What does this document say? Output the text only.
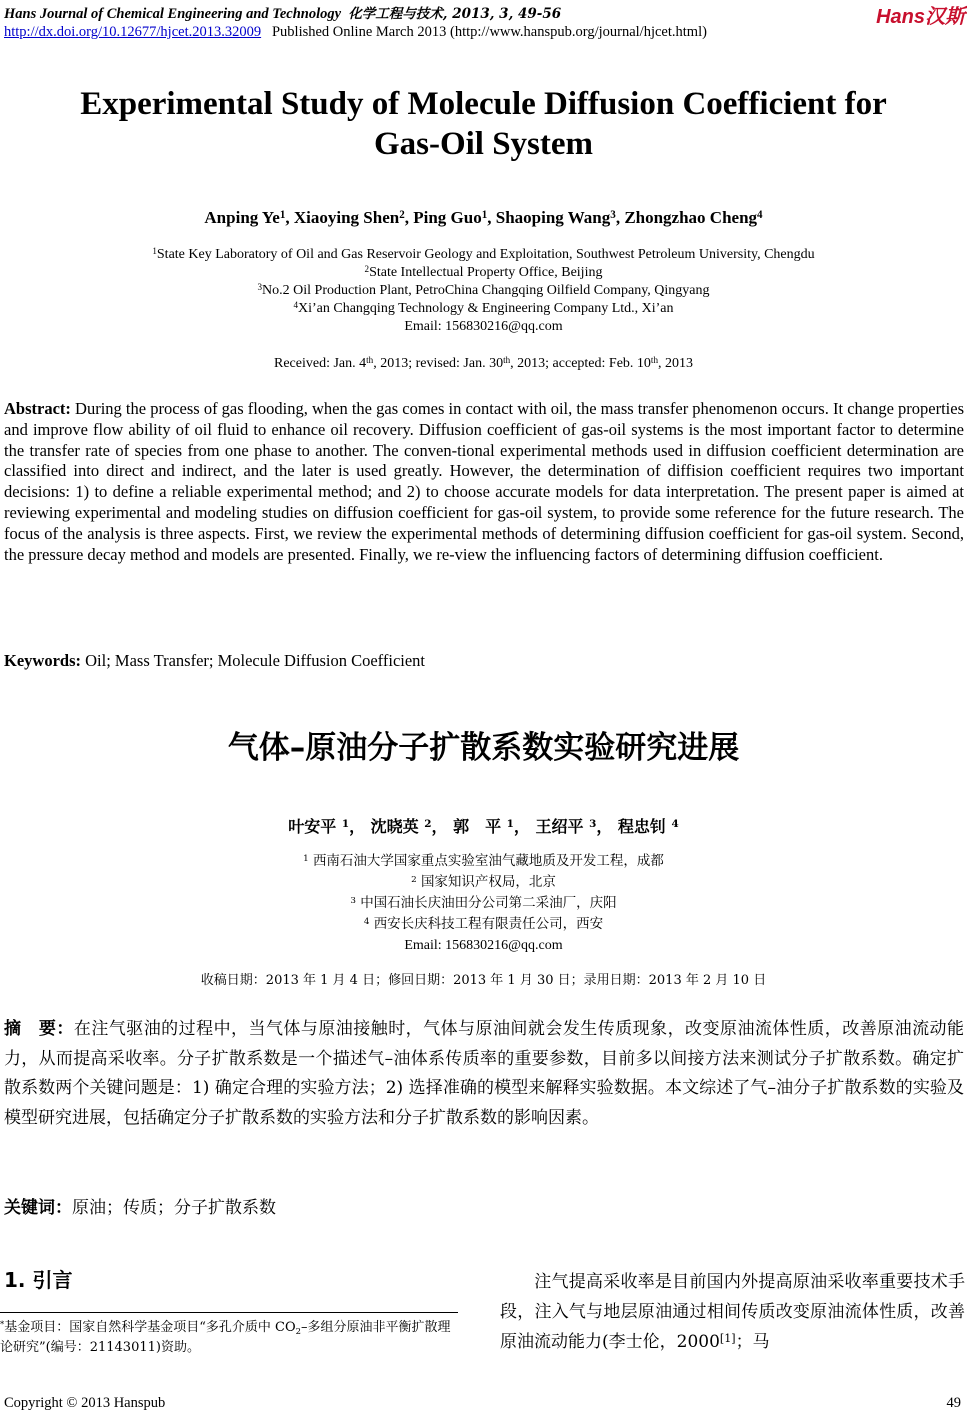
Hans Journal of Chemical Engineering and Technology 化学工程与技术, 2013, 3, 49-56
http://dx.doi.org/10.12677/hjcet.2013.32009 Published Online March 2013 (http://www.hanspub.org/journal/hjcet.html)
Hans汉斯
Experimental Study of Molecule Diffusion Coefficient for
Gas-Oil System
Anping Ye$^1$, Xiaoying Shen$^2$, Ping Guo$^1$, Shaoping Wang$^3$, Zhongzhao Cheng$^4$
$^1$State Key Laboratory of Oil and Gas Reservoir Geology and Exploitation, Southwest Petroleum University, Chengdu
$^2$State Intellectual Property Office, Beijing
$^3$No.2 Oil Production Plant, PetroChina Changqing Oilfield Company, Qingyang
$^4$Xi’an Changqing Technology & Engineering Company Ltd., Xi’an
Email: 156830216@qq.com
Received: Jan. 4th, 2013; revised: Jan. 30th, 2013; accepted: Feb. 10th, 2013
Abstract: During the process of gas flooding, when the gas comes in contact with oil, the mass transfer phenomenon occurs. It change properties and improve flow ability of oil fluid to enhance oil recovery. Diffusion coefficient of gas-oil systems is the most important factor to determine the transfer rate of species from one phase to another. The conven-tional experimental methods used in diffusion coefficient determination are classified into direct and indirect, and the later is used greatly. However, the determination of diffision coefficient requires two important decisions: 1) to define a reliable experimental method; and 2) to choose accurate models for data interpretation. The present paper is aimed at reviewing experimental and modeling studies on diffusion coefficient for gas-oil system, to provide some reference for the future research. The focus of the analysis is three aspects. First, we review the experimental methods of determining diffusion coefficient for gas-oil system. Second, the pressure decay method and models are presented. Finally, we re-view the influencing factors of determining diffusion coefficient.
Keywords: Oil; Mass Transfer; Molecule Diffusion Coefficient
气体–原油分子扩散系数实验研究进展
叶安平 $^1$， 沈晓英 $^2$， 郭　平 $^1$， 王绍平 $^3$， 程忠钊 $^4$
$^1$ 西南石油大学国家重点实验室油气藏地质及开发工程，成都
$^2$ 国家知识产权局，北京
$^3$ 中国石油长庆油田分公司第二采油厂，庆阳
$^4$ 西安长庆科技工程有限责任公司，西安
Email: 156830216@qq.com
收稿日期：2013 年 1 月 4 日；修回日期：2013 年 1 月 30 日；录用日期：2013 年 2 月 10 日
摘　要：在注气驱油的过程中，当气体与原油接触时，气体与原油间就会发生传质现象，改变原油流体性质，改善原油流动能力，从而提高采收率。分子扩散系数是一个描述气–油体系传质率的重要参数，目前多以间接方法来测试分子扩散系数。确定扩散系数两个关键问题是：1) 确定合理的实验方法；2) 选择准确的模型来解释实验数据。本文综述了气–油分子扩散系数的实验及模型研究进展，包括确定分子扩散系数的实验方法和分子扩散系数的影响因素。
关键词：原油；传质；分子扩散系数
1. 引言
*基金项目：国家自然科学基金项目“多孔介质中 $CO_2-$多组分原油非平衡扩散理论研究”(编号：21143011)资助。
注气提高采收率是目前国内外提高原油采收率重要技术手段，注入气与地层原油通过相间传质改变原油流体性质，改善原油流动能力(李士伦，2000[1]；马
Copyright © 2013 Hanspub	49
